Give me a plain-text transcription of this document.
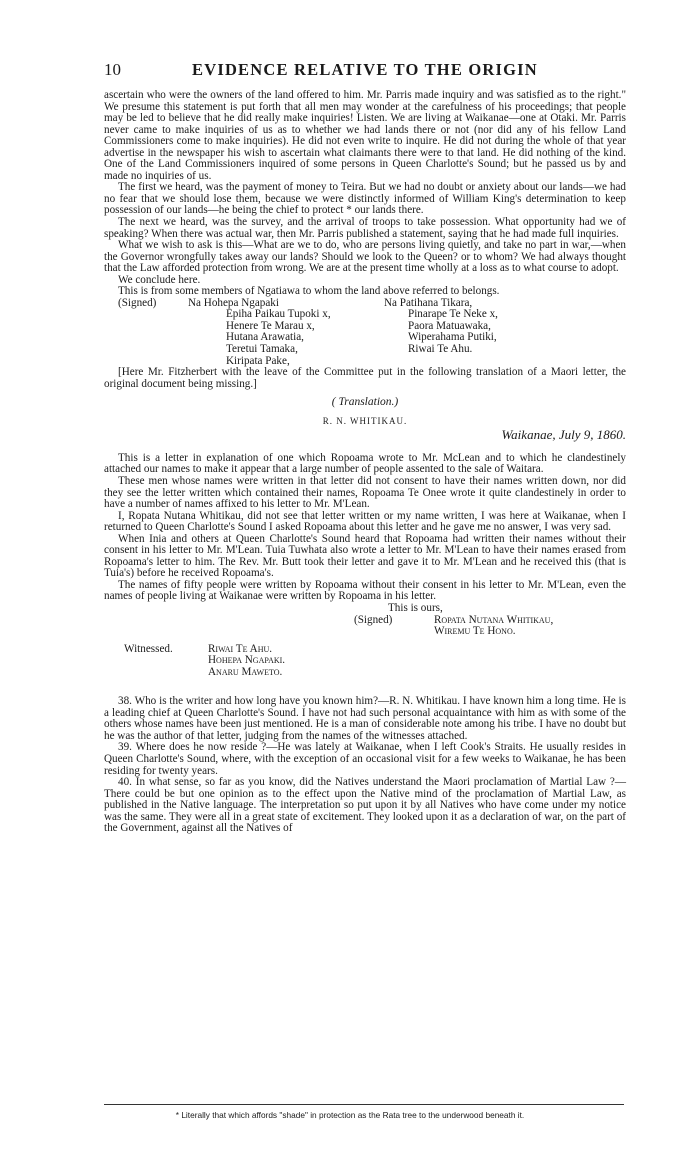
10	EVIDENCE RELATIVE TO THE ORIGIN

ascertain who were the owners of the land offered to him. Mr. Parris made inquiry and was satisfied as to the right." We presume this statement is put forth that all men may wonder at the carefulness of his proceedings; that people may be led to believe that he did really make inquiries! Listen. We are living at Waikanae—one at Otaki. Mr. Parris never came to make inquiries of us as to whether we had lands there or not (nor did any of his fellow Land Commissioners come to make inquiries). He did not even write to inquire. He did not during the whole of that year advertise in the newspaper his wish to ascertain what claimants there were to that land. He did nothing of the kind. One of the Land Commissioners inquired of some persons in Queen Charlotte's Sound; but he passed us by and made no inquiries of us.

The first we heard, was the payment of money to Teira. But we had no doubt or anxiety about our lands—we had no fear that we should lose them, because we were distinctly informed of William King's determination to keep possession of our lands—he being the chief to protect * our lands there.

The next we heard, was the survey, and the arrival of troops to take possession. What opportunity had we of speaking? When there was actual war, then Mr. Parris published a statement, saying that he had made full inquiries.

What we wish to ask is this—What are we to do, who are persons living quietly, and take no part in war,—when the Governor wrongfully takes away our lands? Should we look to the Queen? or to whom? We had always thought that the Law afforded protection from wrong. We are at the present time wholly at a loss as to what course to adopt.

We conclude here.

This is from some members of Ngatiawa to whom the land above referred to belongs.

(Signed)	Na Hohepa Ngapaki
Epiha Paikau Tupoki x,
Henere Te Marau x,
Hutana Arawatia,
Teretui Tamaka,
Kiripata Pake,
Na Patihana Tikara,
Pinarape Te Neke x,
Paora Matuawaka,
Wiperahama Putiki,
Riwai Te Ahu.

[Here Mr. Fitzherbert with the leave of the Committee put in the following translation of a Maori letter, the original document being missing.]

( Translation.)
R. N. WHITIKAU.
Waikanae, July 9, 1860.

This is a letter in explanation of one which Ropoama wrote to Mr. McLean and to which he clandestinely attached our names to make it appear that a large number of people assented to the sale of Waitara.

These men whose names were written in that letter did not consent to have their names written down, nor did they see the letter written which contained their names, Ropoama Te Onee wrote it quite clandestinely in order to have a number of names affixed to his letter to Mr. M'Lean.

I, Ropata Nutana Whitikau, did not see that letter written or my name written, I was here at Waikanae, when I returned to Queen Charlotte's Sound I asked Ropoama about this letter and he gave me no answer, I was very sad.

When Inia and others at Queen Charlotte's Sound heard that Ropoama had written their names without their consent in his letter to Mr. M'Lean. Tuia Tuwhata also wrote a letter to Mr. M'Lean to have their names erased from Ropoama's letter to him. The Rev. Mr. Butt took their letter and gave it to Mr. M'Lean and he received this (that is Tuia's) before he received Ropoama's.

The names of fifty people were written by Ropoama without their consent in his letter to Mr. M'Lean, even the names of people living at Waikanae were written by Ropoama in his letter.

This is ours,
(Signed)	Ropata Nutana Whitikau,
Wiremu Te Hono.
Witnessed.	Riwai Te Ahu.
Hohepa Ngapaki.
Anaru Maweto.

38. Who is the writer and how long have you known him?—R. N. Whitikau. I have known him a long time. He is a leading chief at Queen Charlotte's Sound. I have not had such personal acquaintance with him as with some of the others whose names have been just mentioned. He is a man of considerable note among his tribe. I have no doubt but he was the author of that letter, judging from the names of the witnesses attached.

39. Where does he now reside ?—He was lately at Waikanae, when I left Cook's Straits. He usually resides in Queen Charlotte's Sound, where, with the exception of an occasional visit for a few weeks to Waikanae, he has been residing for twenty years.

40. In what sense, so far as you know, did the Natives understand the Maori proclamation of Martial Law ?—There could be but one opinion as to the effect upon the Native mind of the proclamation of Martial Law, as published in the Native language. The interpretation so put upon it by all Natives who have come under my notice was the same. They were all in a great state of excitement. They looked upon it as a declaration of war, on the part of the Government, against all the Natives of

* Literally that which affords "shade" in protection as the Rata tree to the underwood beneath it.
